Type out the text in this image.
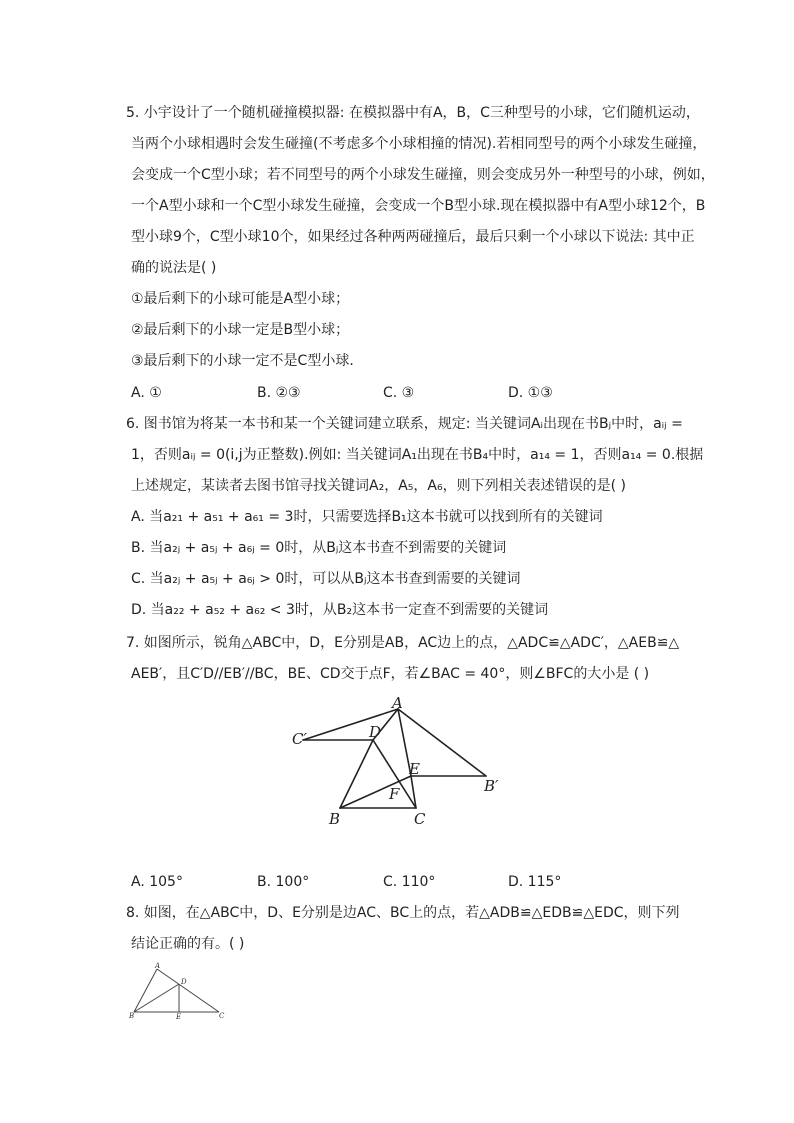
5. 小宇设计了一个随机碰撞模拟器: 在模拟器中有A，B，C三种型号的小球，它们随机运动，
当两个小球相遇时会发生碰撞(不考虑多个小球相撞的情况).若相同型号的两个小球发生碰撞，
会变成一个C型小球；若不同型号的两个小球发生碰撞，则会变成另外一种型号的小球，例如，
一个A型小球和一个C型小球发生碰撞，会变成一个B型小球.现在模拟器中有A型小球12个，B
型小球9个，C型小球10个，如果经过各种两两碰撞后，最后只剩一个小球以下说法: 其中正
确的说法是( )
①最后剩下的小球可能是A型小球；
②最后剩下的小球一定是B型小球；
③最后剩下的小球一定不是C型小球．
A. ①	B. ②③	C. ③	D. ①③
6. 图书馆为将某一本书和某一个关键词建立联系，规定: 当关键词Aᵢ出现在书Bⱼ中时，aᵢⱼ =
1，否则aᵢⱼ = 0(i,j为正整数).例如: 当关键词A₁出现在书B₄中时，a₁₄ = 1，否则a₁₄ = 0.根据
上述规定，某读者去图书馆寻找关键词A₂，A₅，A₆，则下列相关表述错误的是( )
A. 当a₂₁ + a₅₁ + a₆₁ = 3时，只需要选择B₁这本书就可以找到所有的关键词
B. 当a₂ⱼ + a₅ⱼ + a₆ⱼ = 0时，从Bⱼ这本书查不到需要的关键词
C. 当a₂ⱼ + a₅ⱼ + a₆ⱼ > 0时，可以从Bⱼ这本书查到需要的关键词
D. 当a₂₂ + a₅₂ + a₆₂ < 3时，从B₂这本书一定查不到需要的关键词
7. 如图所示，锐角△ABC中，D，E分别是AB，AC边上的点，△ADC≌△ADC′，△AEB≌△
AEB′，且C′D//EB′//BC，BE、CD交于点F，若∠BAC = 40°，则∠BFC的大小是 ( )
A
C′	D
E
B′
F
B	C
A. 105°	B. 100°	C. 110°	D. 115°
8. 如图，在△ABC中，D、E分别是边AC、BC上的点，若△ADB≌△EDB≌△EDC，则下列
结论正确的有。( )
A
D
B	E	C
